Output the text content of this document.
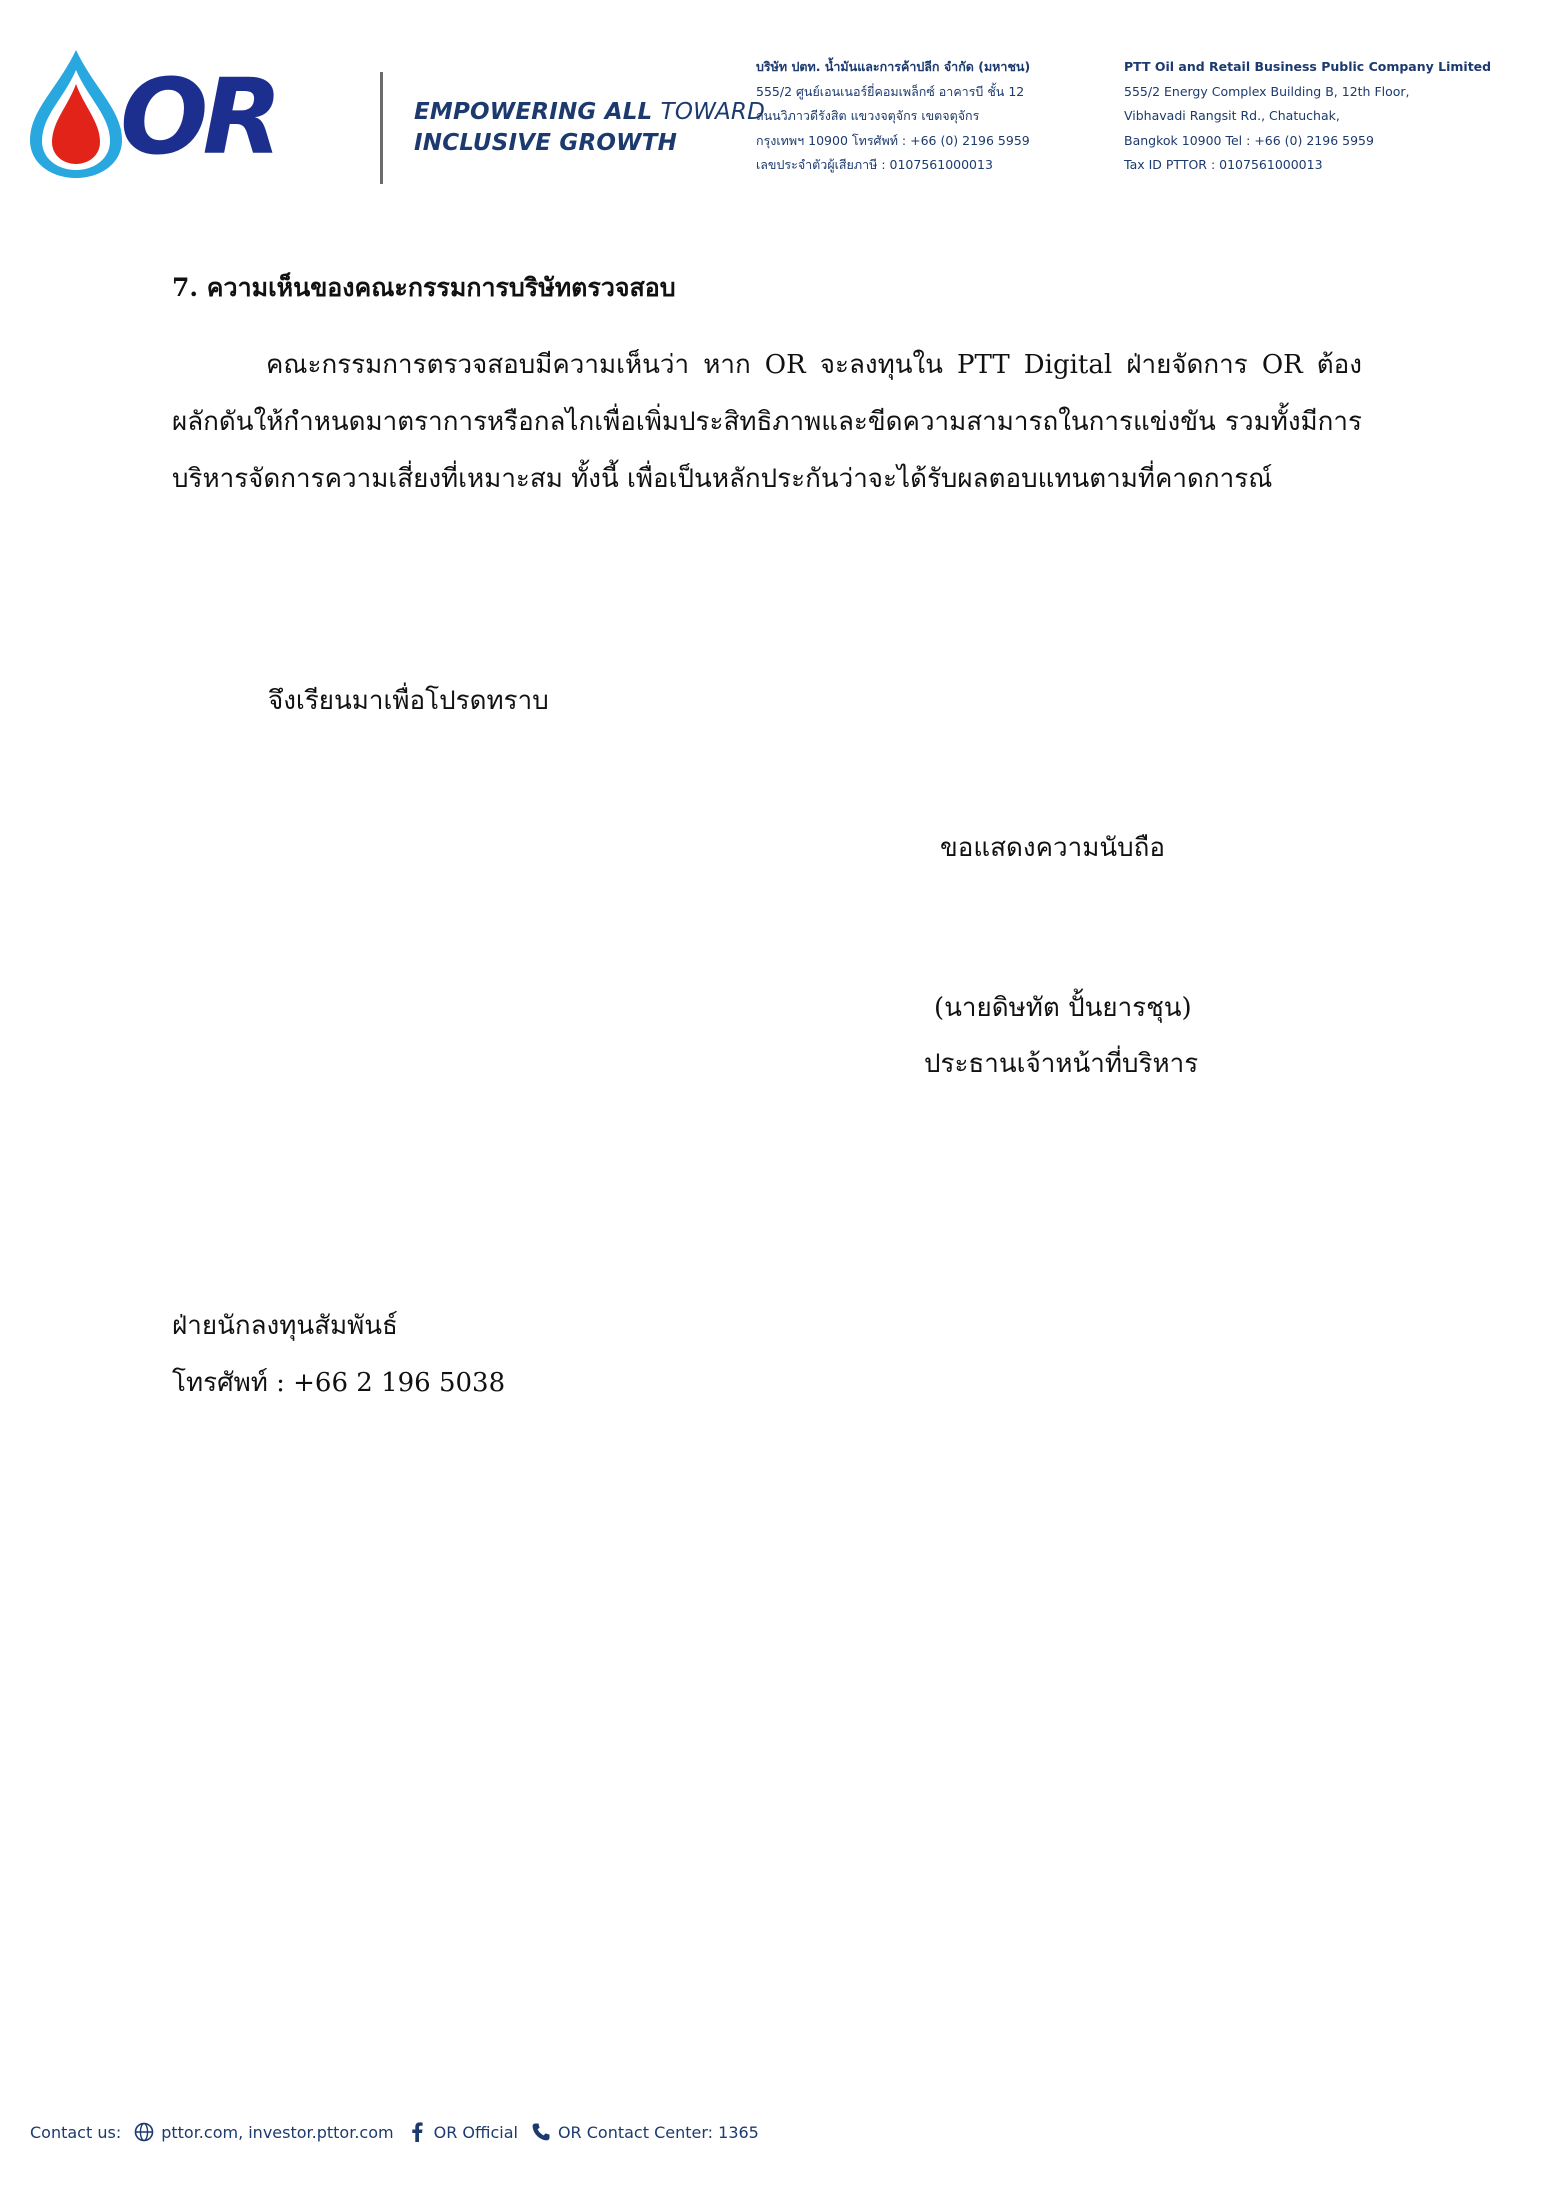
OR	EMPOWERING ALL TOWARD
INCLUSIVE GROWTH
บริษัท ปตท. น้ำมันและการค้าปลีก จำกัด (มหาชน)
555/2 ศูนย์เอนเนอร์ยี่คอมเพล็กซ์ อาคารบี ชั้น 12
ถนนวิภาวดีรังสิต แขวงจตุจักร เขตจตุจักร
กรุงเทพฯ 10900 โทรศัพท์ : +66 (0) 2196 5959
เลขประจำตัวผู้เสียภาษี : 0107561000013
PTT Oil and Retail Business Public Company Limited
555/2 Energy Complex Building B, 12th Floor,
Vibhavadi Rangsit Rd., Chatuchak,
Bangkok 10900 Tel : +66 (0) 2196 5959
Tax ID PTTOR : 0107561000013
7. ความเห็นของคณะกรรมการบริษัทตรวจสอบ
คณะกรรมการตรวจสอบมีความเห็นว่า หาก OR จะลงทุนใน PTT Digital ฝ่ายจัดการ OR ต้องผลักดันให้กำหนดมาตราการหรือกลไกเพื่อเพิ่มประสิทธิภาพและขีดความสามารถในการแข่งขัน รวมทั้งมีการบริหารจัดการความเสี่ยงที่เหมาะสม ทั้งนี้ เพื่อเป็นหลักประกันว่าจะได้รับผลตอบแทนตามที่คาดการณ์
จึงเรียนมาเพื่อโปรดทราบ
ขอแสดงความนับถือ
(นายดิษทัต ปั้นยารชุน)
ประธานเจ้าหน้าที่บริหาร
ฝ่ายนักลงทุนสัมพันธ์
โทรศัพท์ : +66 2 196 5038
Contact us:	pttor.com, investor.pttor.com	OR Official	OR Contact Center: 1365
